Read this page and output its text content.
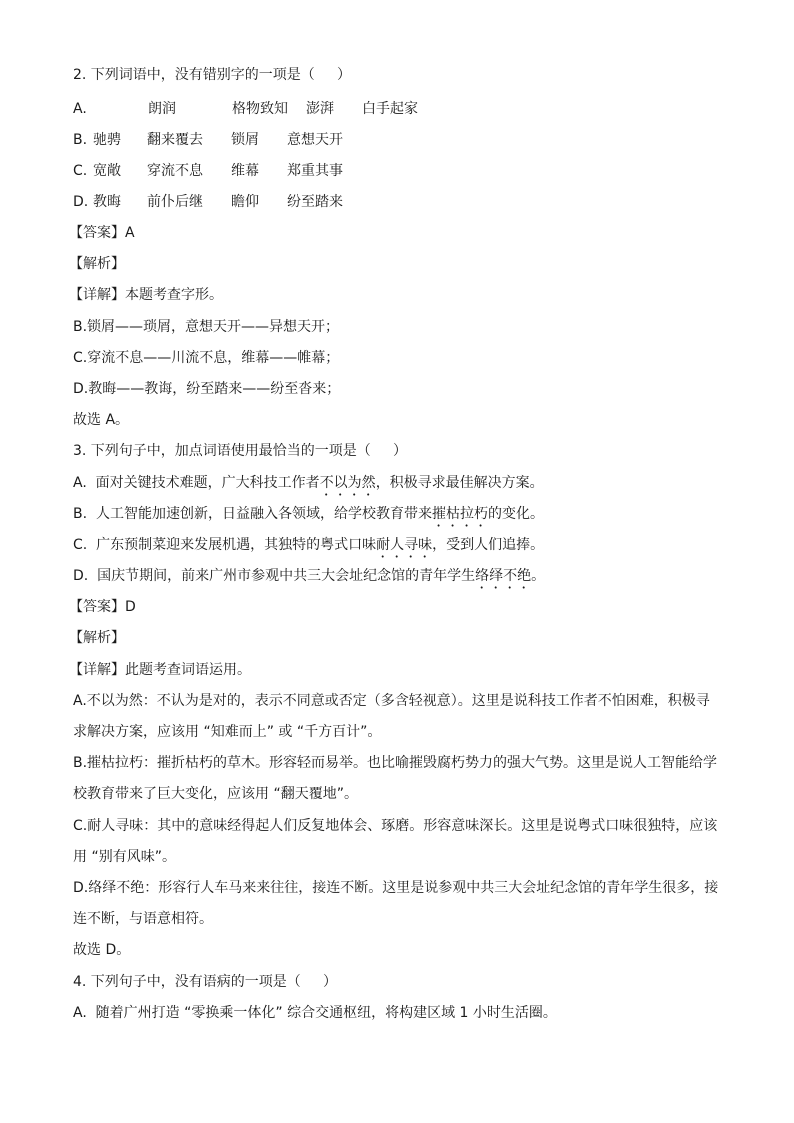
2. 下列词语中，没有错别字的一项是（     ）

A.

	朗润

	格物致知

澎湃

白手起家

B.

驰骋

翻来覆去

锁屑

意想天开

C.

宽敞

穿流不息

维幕

郑重其事

D.

教晦

前仆后继

瞻仰

纷至踏来

【答案】A
【解析】
【详解】本题考查字形。
B.锁屑——琐屑，意想天开——异想天开；
C.穿流不息——川流不息，维幕——帷幕；
D.教晦——教诲，纷至踏来——纷至沓来；
故选 A。
3. 下列句子中，加点词语使用最恰当的一项是（     ）
A.  面对关键技术难题，广大科技工作者不以为然，积极寻求最佳解决方案。
B.  人工智能加速创新，日益融入各领域，给学校教育带来摧枯拉朽的变化。
C.  广东预制菜迎来发展机遇，其独特的粤式口味耐人寻味，受到人们追捧。
D.  国庆节期间，前来广州市参观中共三大会址纪念馆的青年学生络绎不绝。
【答案】D
【解析】
【详解】此题考查词语运用。
A.不以为然：不认为是对的，表示不同意或否定（多含轻视意）。这里是说科技工作者不怕困难，积极寻
求解决方案，应该用 “知难而上” 或 “千方百计”。
B.摧枯拉朽：摧折枯朽的草木。形容轻而易举。也比喻摧毁腐朽势力的强大气势。这里是说人工智能给学
校教育带来了巨大变化，应该用 “翻天覆地”。
C.耐人寻味：其中的意味经得起人们反复地体会、琢磨。形容意味深长。这里是说粤式口味很独特，应该
用 “别有风味”。
D.络绎不绝：形容行人车马来来往往，接连不断。这里是说参观中共三大会址纪念馆的青年学生很多，接
连不断，与语意相符。
故选 D。
4. 下列句子中，没有语病的一项是（     ）
A.  随着广州打造 “零换乘一体化” 综合交通枢纽，将构建区域 1 小时生活圈。
